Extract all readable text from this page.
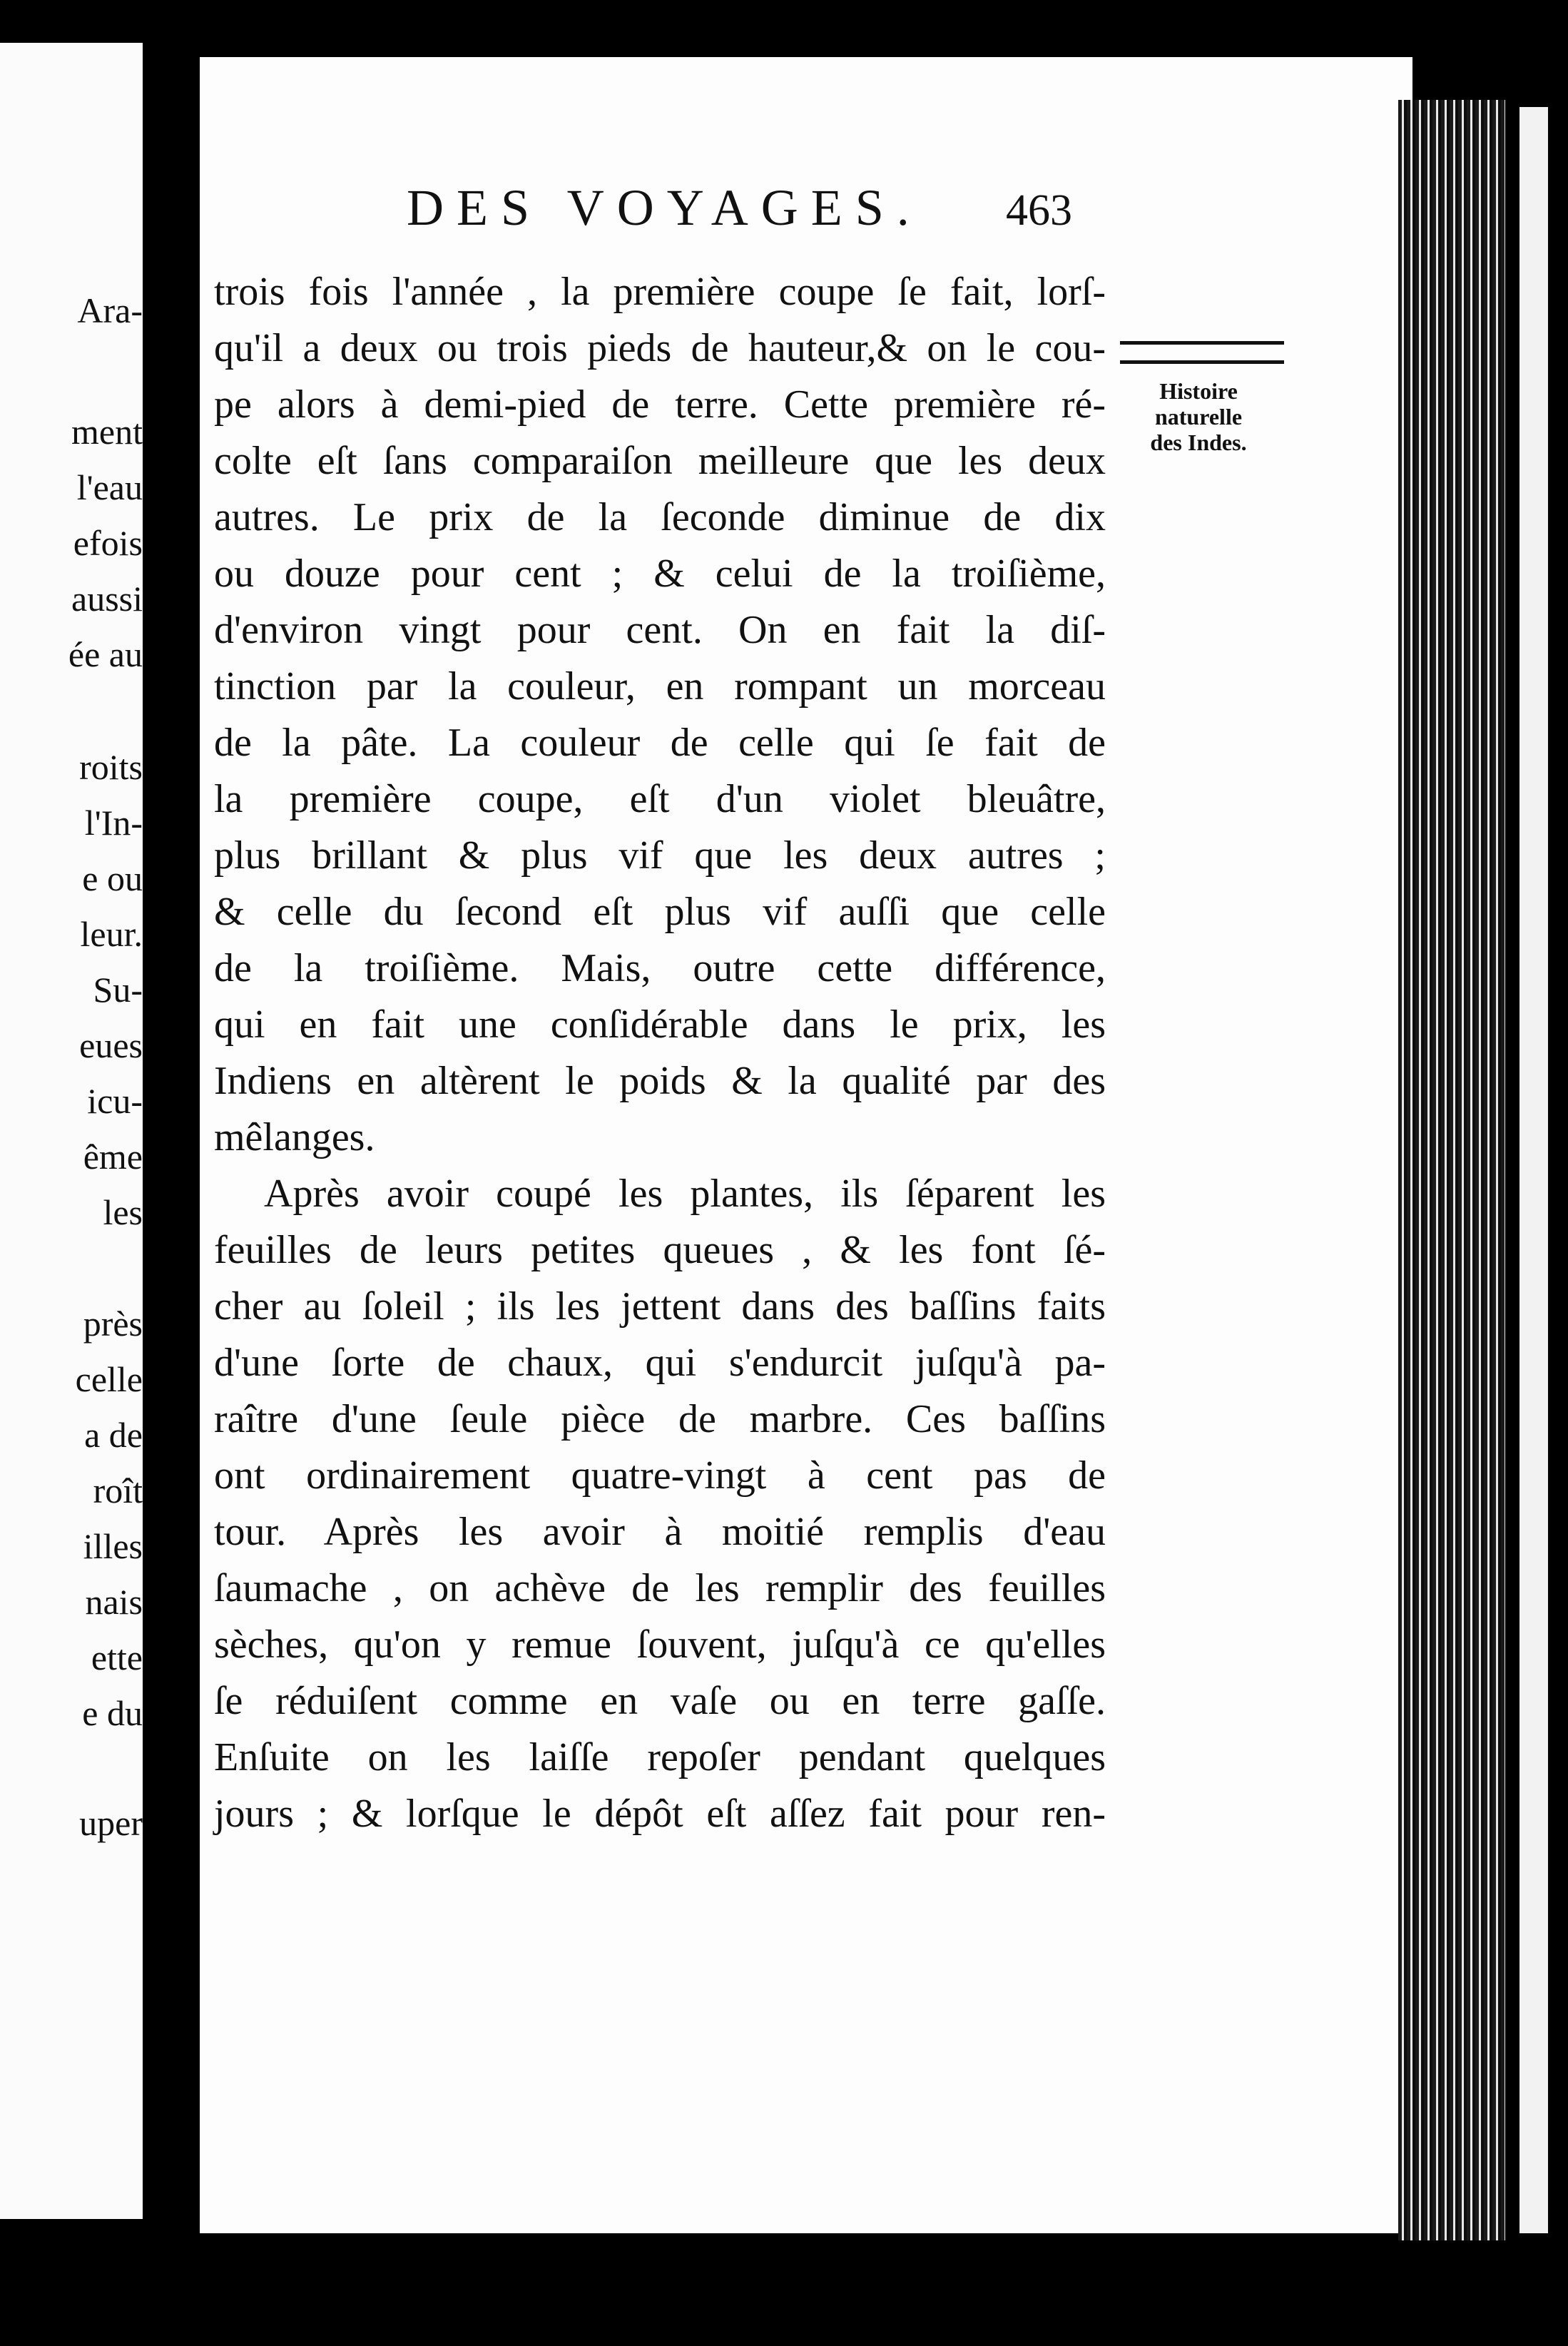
Ara-
ment
l'eau
efois
aussi
ée au
roits
l'In-
e ou
leur.
Su-
eues
icu-
ême
les
près
celle
a de
roît
illes
nais
ette
e du
uper
DES VOYAGES. 463
Histoire
naturelle
des Indes.
trois fois l'année , la première coupe ſe fait, lorſ-
qu'il a deux ou trois pieds de hauteur,& on le cou-
pe alors à demi-pied de terre. Cette première ré-
colte eſt ſans comparaiſon meilleure que les deux
autres. Le prix de la ſeconde diminue de dix
ou douze pour cent ; & celui de la troiſième,
d'environ vingt pour cent. On en fait la diſ-
tinction par la couleur, en rompant un morceau
de la pâte. La couleur de celle qui ſe fait de
la première coupe, eſt d'un violet bleuâtre,
plus brillant & plus vif que les deux autres ;
& celle du ſecond eſt plus vif auſſi que celle
de la troiſième. Mais, outre cette différence,
qui en fait une conſidérable dans le prix, les
Indiens en altèrent le poids & la qualité par des
mêlanges.
Après avoir coupé les plantes, ils ſéparent les
feuilles de leurs petites queues , & les font ſé-
cher au ſoleil ; ils les jettent dans des baſſins faits
d'une ſorte de chaux, qui s'endurcit juſqu'à pa-
raître d'une ſeule pièce de marbre. Ces baſſins
ont ordinairement quatre-vingt à cent pas de
tour. Après les avoir à moitié remplis d'eau
ſaumache , on achève de les remplir des feuilles
sèches, qu'on y remue ſouvent, juſqu'à ce qu'elles
ſe réduiſent comme en vaſe ou en terre gaſſe.
Enſuite on les laiſſe repoſer pendant quelques
jours ; & lorſque le dépôt eſt aſſez fait pour ren-
